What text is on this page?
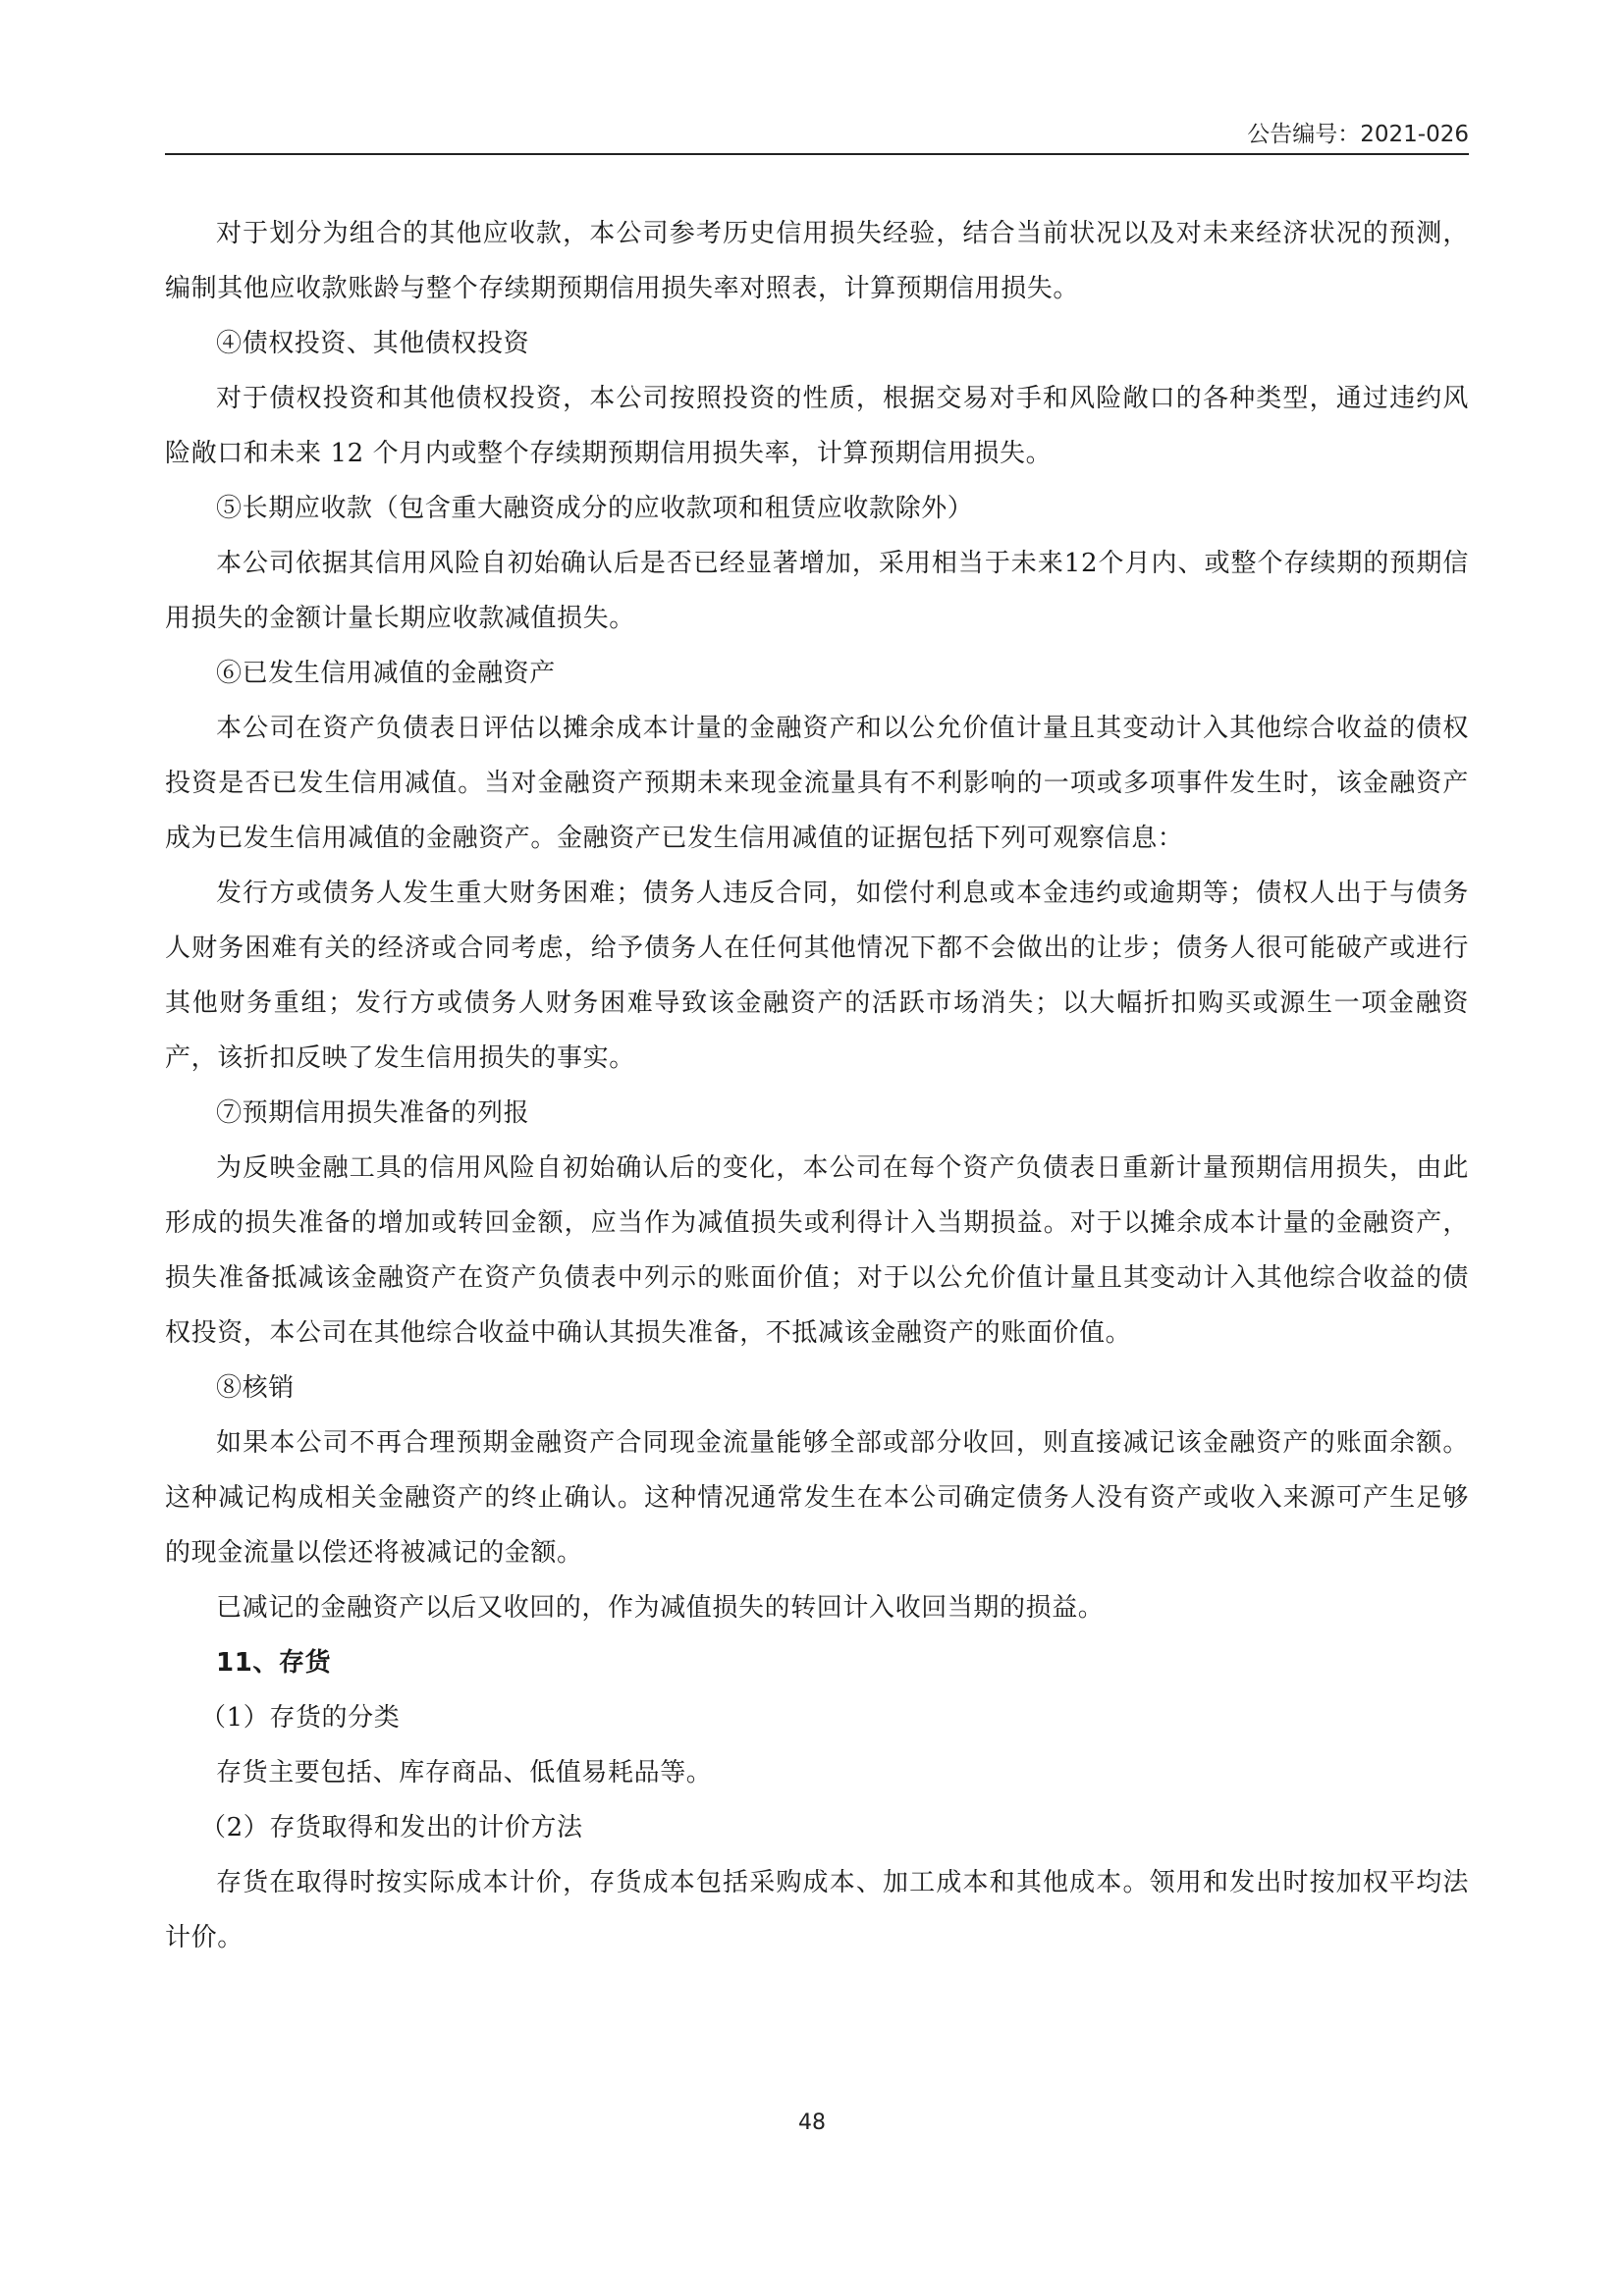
公告编号：2021-026

对于划分为组合的其他应收款，本公司参考历史信用损失经验，结合当前状况以及对未来经济状况的预测，编制其他应收款账龄与整个存续期预期信用损失率对照表，计算预期信用损失。

④债权投资、其他债权投资

对于债权投资和其他债权投资，本公司按照投资的性质，根据交易对手和风险敞口的各种类型，通过违约风险敞口和未来 12 个月内或整个存续期预期信用损失率，计算预期信用损失。

⑤长期应收款（包含重大融资成分的应收款项和租赁应收款除外）

本公司依据其信用风险自初始确认后是否已经显著增加，采用相当于未来12个月内、或整个存续期的预期信用损失的金额计量长期应收款减值损失。

⑥已发生信用减值的金融资产

本公司在资产负债表日评估以摊余成本计量的金融资产和以公允价值计量且其变动计入其他综合收益的债权投资是否已发生信用减值。当对金融资产预期未来现金流量具有不利影响的一项或多项事件发生时，该金融资产成为已发生信用减值的金融资产。金融资产已发生信用减值的证据包括下列可观察信息：

发行方或债务人发生重大财务困难；债务人违反合同，如偿付利息或本金违约或逾期等；债权人出于与债务人财务困难有关的经济或合同考虑，给予债务人在任何其他情况下都不会做出的让步；债务人很可能破产或进行其他财务重组；发行方或债务人财务困难导致该金融资产的活跃市场消失；以大幅折扣购买或源生一项金融资产，该折扣反映了发生信用损失的事实。

⑦预期信用损失准备的列报

为反映金融工具的信用风险自初始确认后的变化，本公司在每个资产负债表日重新计量预期信用损失，由此形成的损失准备的增加或转回金额，应当作为减值损失或利得计入当期损益。对于以摊余成本计量的金融资产，损失准备抵减该金融资产在资产负债表中列示的账面价值；对于以公允价值计量且其变动计入其他综合收益的债权投资，本公司在其他综合收益中确认其损失准备，不抵减该金融资产的账面价值。

⑧核销

如果本公司不再合理预期金融资产合同现金流量能够全部或部分收回，则直接减记该金融资产的账面余额。这种减记构成相关金融资产的终止确认。这种情况通常发生在本公司确定债务人没有资产或收入来源可产生足够的现金流量以偿还将被减记的金额。

已减记的金融资产以后又收回的，作为减值损失的转回计入收回当期的损益。

11、存货

（1）存货的分类

存货主要包括、库存商品、低值易耗品等。

（2）存货取得和发出的计价方法

存货在取得时按实际成本计价，存货成本包括采购成本、加工成本和其他成本。领用和发出时按加权平均法计价。

48
